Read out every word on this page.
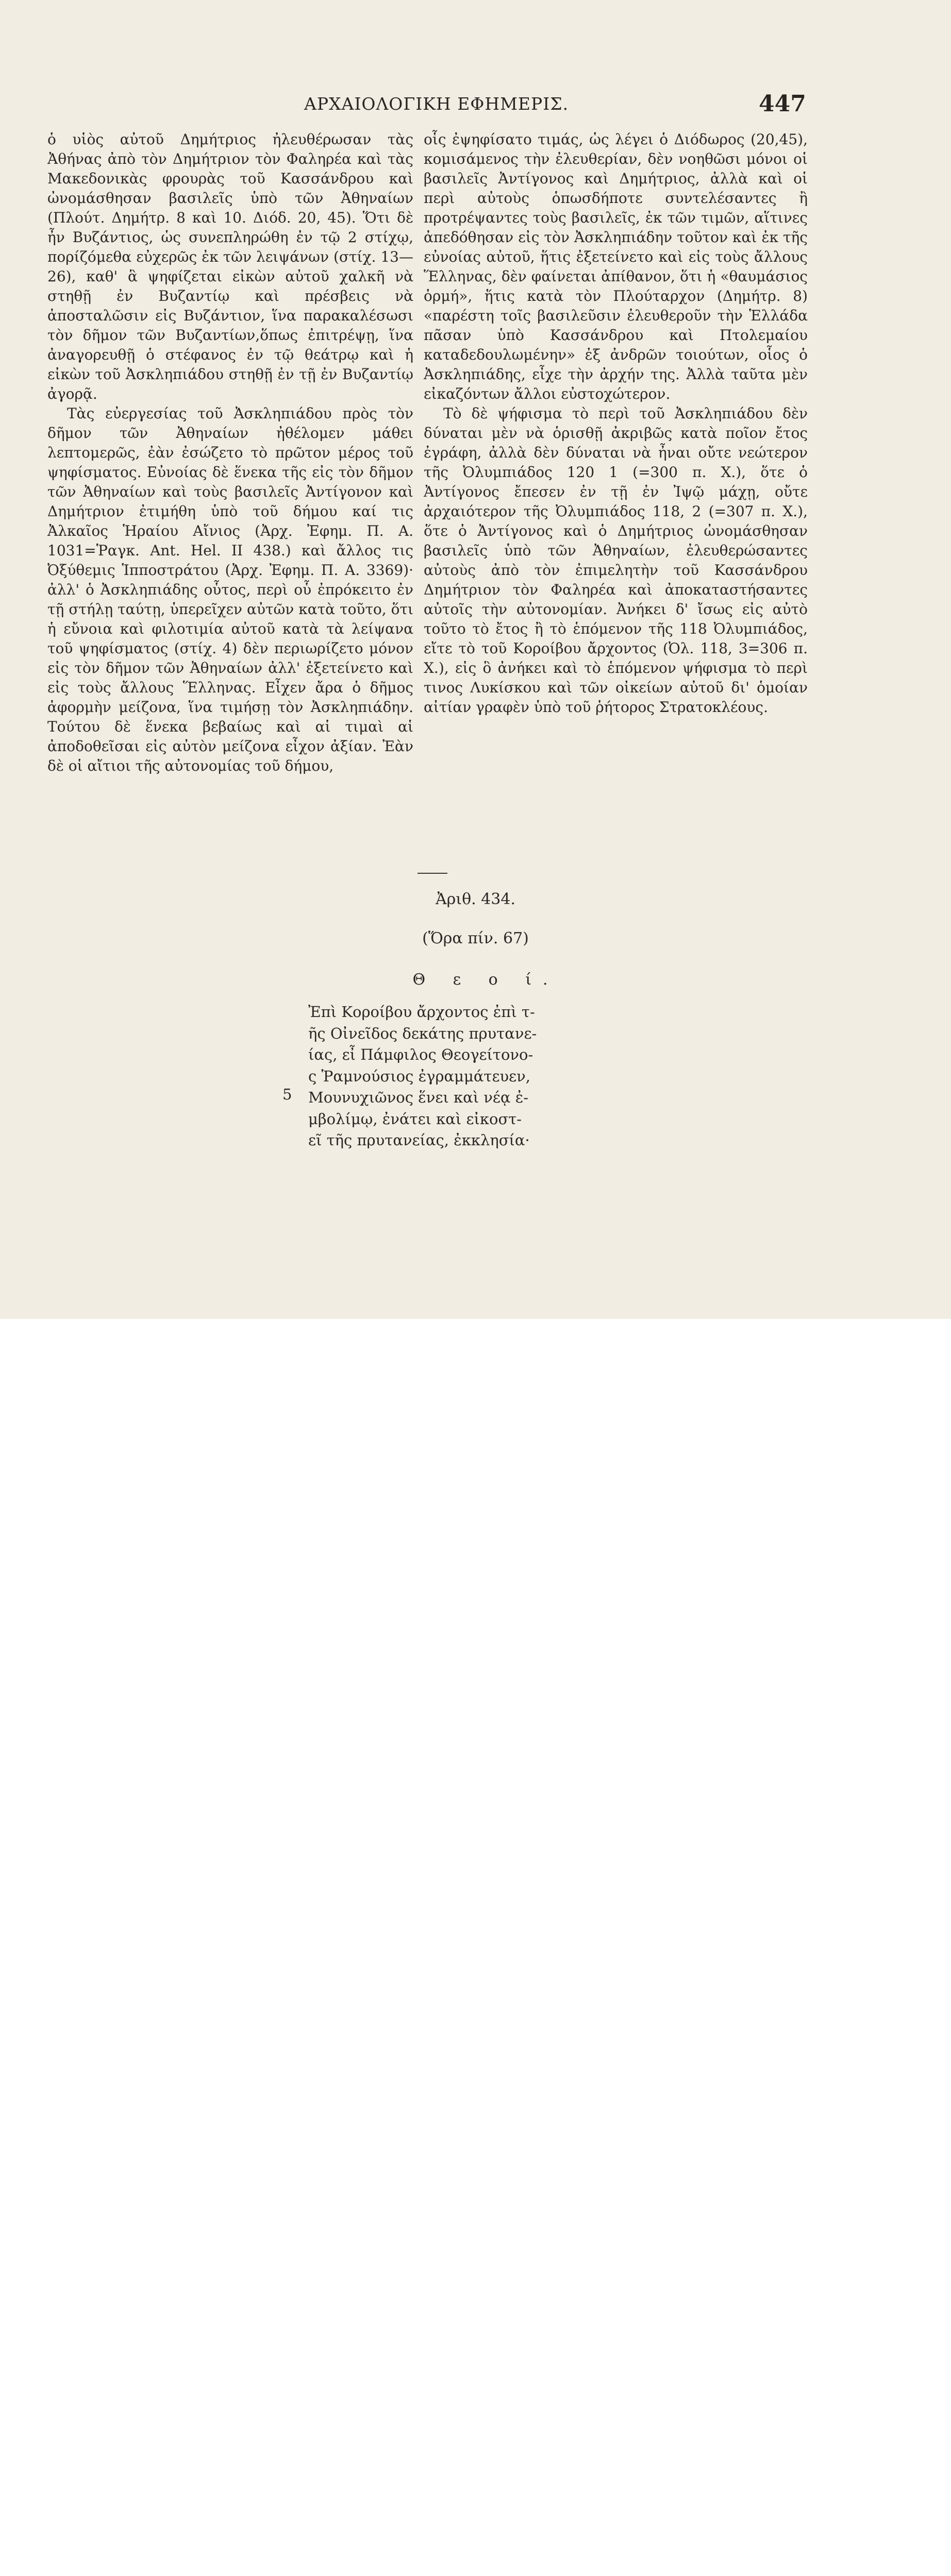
ΑΡΧΑΙΟΛΟΓΙΚΗ ΕΦΗΜΕΡΙΣ.	447

ὁ υἱὸς αὐτοῦ Δημήτριος ἠλευθέρωσαν τὰς Ἀθήνας ἀπὸ τὸν Δημήτριον τὸν Φαληρέα καὶ τὰς Μακεδονικὰς φρουρὰς τοῦ Κασσάνδρου καὶ ὠνομάσθησαν βασιλεῖς ὑπὸ τῶν Ἀθηναίων (Πλούτ. Δημήτρ. 8 καὶ 10. Διόδ. 20, 45). Ὅτι δὲ ἦν Βυζάντιος, ὡς συνεπληρώθη ἐν τῷ 2 στίχῳ, πορίζόμεθα εὐχερῶς ἐκ τῶν λειψάνων (στίχ. 13—26), καθ' ἃ ψηφίζεται εἰκὼν αὐτοῦ χαλκῆ νὰ στηθῇ ἐν Βυζαντίῳ καὶ πρέσβεις νὰ ἀποσταλῶσιν εἰς Βυζάντιον, ἵνα παρακαλέσωσι τὸν δῆμον τῶν Βυζαντίων,ὅπως ἐπιτρέψῃ, ἵνα ἀναγορευθῇ ὁ στέφανος ἐν τῷ θεάτρῳ καὶ ἡ εἰκὼν τοῦ Ἀσκληπιάδου στηθῇ ἐν τῇ ἐν Βυζαντίῳ ἀγορᾷ.

Τὰς εὐεργεσίας τοῦ Ἀσκληπιάδου πρὸς τὸν δῆμον τῶν Ἀθηναίων ἠθέλομεν μάθει λεπτομερῶς, ἐὰν ἐσώζετο τὸ πρῶτον μέρος τοῦ ψηφίσματος. Εὐνοίας δὲ ἕνεκα τῆς εἰς τὸν δῆμον τῶν Ἀθηναίων καὶ τοὺς βασιλεῖς Ἀντίγονον καὶ Δημήτριον ἐτιμήθη ὑπὸ τοῦ δήμου καί τις Ἀλκαῖος Ἡραίου Αἴνιος (Ἀρχ. Ἐφημ. Π. Α. 1031=Ῥαγκ. Ant. Hel. II 438.) καὶ ἄλλος τις Ὀξύθεμις Ἱπποστράτου (Ἀρχ. Ἐφημ. Π. Α. 3369)· ἀλλ' ὁ Ἀσκληπιάδης οὗτος, περὶ οὗ ἐπρόκειτο ἐν τῇ στήλῃ ταύτῃ, ὑπερεῖχεν αὐτῶν κατὰ τοῦτο, ὅτι ἡ εὔνοια καὶ φιλοτιμία αὐτοῦ κατὰ τὰ λείψανα τοῦ ψηφίσματος (στίχ. 4) δὲν περιωρίζετο μόνον εἰς τὸν δῆμον τῶν Ἀθηναίων ἀλλ' ἐξετείνετο καὶ εἰς τοὺς ἄλλους Ἕλληνας. Εἶχεν ἄρα ὁ δῆμος ἀφορμὴν μείζονα, ἵνα τιμήσῃ τὸν Ἀσκληπιάδην. Τούτου δὲ ἕνεκα βεβαίως καὶ αἱ τιμαὶ αἱ ἀποδοθεῖσαι εἰς αὐτὸν μείζονα εἶχον ἀξίαν. Ἐὰν δὲ οἱ αἴτιοι τῆς αὐτονομίας τοῦ δήμου,

οἷς ἐψηφίσατο τιμάς, ὡς λέγει ὁ Διόδωρος (20,45), κομισάμενος τὴν ἐλευθερίαν, δὲν νοηθῶσι μόνοι οἱ βασιλεῖς Ἀντίγονος καὶ Δημήτριος, ἀλλὰ καὶ οἱ περὶ αὐτοὺς ὁπωσδήποτε συντελέσαντες ἢ προτρέψαντες τοὺς βασιλεῖς, ἐκ τῶν τιμῶν, αἵτινες ἀπεδόθησαν εἰς τὸν Ἀσκληπιάδην τοῦτον καὶ ἐκ τῆς εὐνοίας αὐτοῦ, ἥτις ἐξετείνετο καὶ εἰς τοὺς ἄλλους Ἕλληνας, δὲν φαίνεται ἀπίθανον, ὅτι ἡ «θαυμάσιος ὁρμή», ἥτις κατὰ τὸν Πλούταρχον (Δημήτρ. 8) «παρέστη τοῖς βασιλεῦσιν ἐλευθεροῦν τὴν Ἑλλάδα πᾶσαν ὑπὸ Κασσάνδρου καὶ Πτολεμαίου καταδεδουλωμένην» ἐξ ἀνδρῶν τοιούτων, οἷος ὁ Ἀσκληπιάδης, εἶχε τὴν ἀρχήν της. Ἀλλὰ ταῦτα μὲν εἰκαζόντων ἄλλοι εὐστοχώτερον.

Τὸ δὲ ψήφισμα τὸ περὶ τοῦ Ἀσκληπιάδου δὲν δύναται μὲν νὰ ὁρισθῇ ἀκριβῶς κατὰ ποῖον ἔτος ἐγράφη, ἀλλὰ δὲν δύναται νὰ ἦναι οὔτε νεώτερον τῆς Ὀλυμπιάδος 120 1 (=300 π. Χ.), ὅτε ὁ Ἀντίγονος ἔπεσεν ἐν τῇ ἐν Ἰψῷ μάχῃ, οὔτε ἀρχαιότερον τῆς Ὀλυμπιάδος 118, 2 (=307 π. Χ.), ὅτε ὁ Ἀντίγονος καὶ ὁ Δημήτριος ὠνομάσθησαν βασιλεῖς ὑπὸ τῶν Ἀθηναίων, ἐλευθερώσαντες αὐτοὺς ἀπὸ τὸν ἐπιμελητὴν τοῦ Κασσάνδρου Δημήτριον τὸν Φαληρέα καὶ ἀποκαταστήσαντες αὐτοῖς τὴν αὐτονομίαν. Ἀνήκει δ' ἴσως εἰς αὐτὸ τοῦτο τὸ ἔτος ἢ τὸ ἑπόμενον τῆς 118 Ὀλυμπιάδος, εἴτε τὸ τοῦ Κοροίβου ἄρχοντος (Ὀλ. 118, 3=306 π. Χ.), εἰς ὃ ἀνήκει καὶ τὸ ἑπόμενον ψήφισμα τὸ περὶ τινος Λυκίσκου καὶ τῶν οἰκείων αὐτοῦ δι' ὁμοίαν αἰτίαν γραφὲν ὑπὸ τοῦ ῥήτορος Στρατοκλέους.

Ἀριθ. 434.
(Ὅρα πίν. 67)
Θ ε ο ί.
5
Ἐπὶ Κοροίβου ἄρχοντος ἐπὶ τ-
ῆς Οἰνεῖδος δεκάτης πρυτανε-
ίας, εἶ Πάμφιλος Θεογείτονο-
ς Ῥαμνούσιος ἐγραμμάτευεν,
Μουνυχιῶνος ἕνει καὶ νέᾳ ἐ-
μβολίμῳ, ἐνάτει καὶ εἰκοστ-
εῖ τῆς πρυτανείας, ἐκκλησία·
